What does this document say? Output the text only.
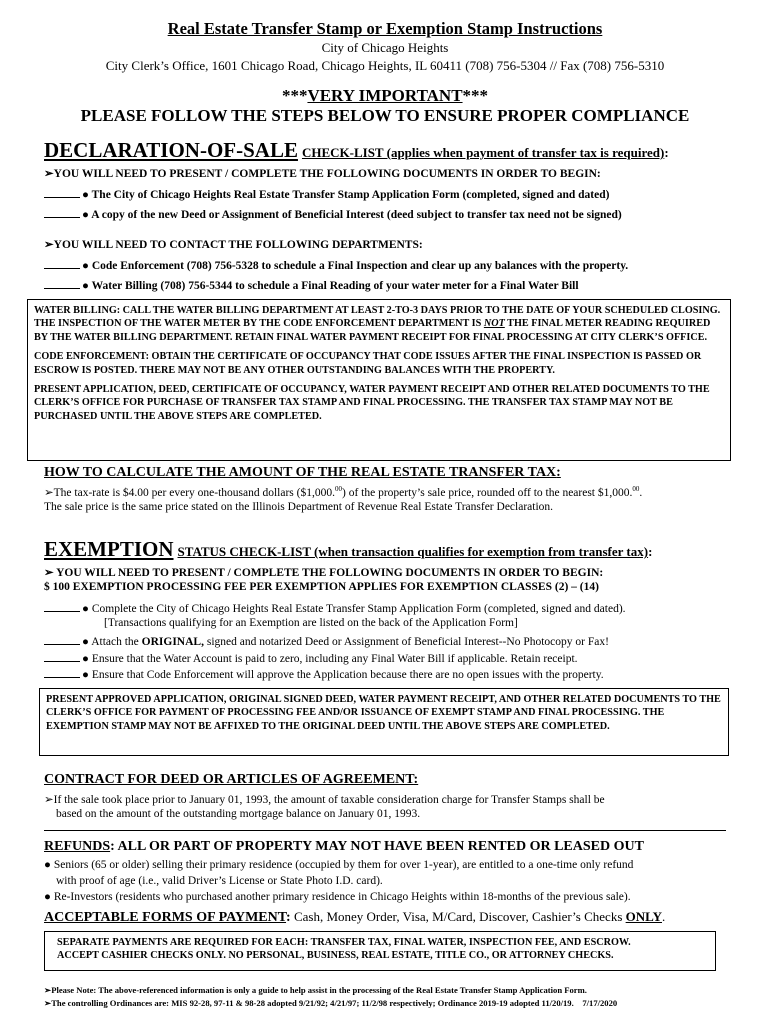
Real Estate Transfer Stamp or Exemption Stamp Instructions
City of Chicago Heights
City Clerk’s Office, 1601 Chicago Road, Chicago Heights, IL 60411 (708) 756-5304 // Fax (708) 756-5310
***VERY IMPORTANT***
PLEASE FOLLOW THE STEPS BELOW TO ENSURE PROPER COMPLIANCE
DECLARATION-OF-SALE CHECK-LIST (applies when payment of transfer tax is required):
➢YOU WILL NEED TO PRESENT / COMPLETE THE FOLLOWING DOCUMENTS IN ORDER TO BEGIN:
● The City of Chicago Heights Real Estate Transfer Stamp Application Form (completed, signed and dated)
● A copy of the new Deed or Assignment of Beneficial Interest (deed subject to transfer tax need not be signed)
➢YOU WILL NEED TO CONTACT THE FOLLOWING DEPARTMENTS:
● Code Enforcement (708) 756-5328 to schedule a Final Inspection and clear up any balances with the property.
● Water Billing (708) 756-5344 to schedule a Final Reading of your water meter for a Final Water Bill

WATER BILLING: CALL THE WATER BILLING DEPARTMENT AT LEAST 2-TO-3 DAYS PRIOR TO THE DATE OF YOUR SCHEDULED CLOSING. THE INSPECTION OF THE WATER METER BY THE CODE ENFORCEMENT DEPARTMENT IS NOT THE FINAL METER READING REQUIRED BY THE WATER BILLING DEPARTMENT. RETAIN FINAL WATER PAYMENT RECEIPT FOR FINAL PROCESSING AT CITY CLERK’S OFFICE.

CODE ENFORCEMENT: OBTAIN THE CERTIFICATE OF OCCUPANCY THAT CODE ISSUES AFTER THE FINAL INSPECTION IS PASSED OR ESCROW IS POSTED. THERE MAY NOT BE ANY OTHER OUTSTANDING BALANCES WITH THE PROPERTY.

PRESENT APPLICATION, DEED, CERTIFICATE OF OCCUPANCY, WATER PAYMENT RECEIPT AND OTHER RELATED DOCUMENTS TO THE CLERK’S OFFICE FOR PURCHASE OF TRANSFER TAX STAMP AND FINAL PROCESSING. THE TRANSFER TAX STAMP MAY NOT BE PURCHASED UNTIL THE ABOVE STEPS ARE COMPLETED.

HOW TO CALCULATE THE AMOUNT OF THE REAL ESTATE TRANSFER TAX:
➢The tax-rate is $4.00 per every one-thousand dollars ($1,000.00) of the property’s sale price, rounded off to the nearest $1,000.00.
The sale price is the same price stated on the Illinois Department of Revenue Real Estate Transfer Declaration.
EXEMPTION STATUS CHECK-LIST (when transaction qualifies for exemption from transfer tax):
➢ YOU WILL NEED TO PRESENT / COMPLETE THE FOLLOWING DOCUMENTS IN ORDER TO BEGIN:
$ 100 EXEMPTION PROCESSING FEE PER EXEMPTION APPLIES FOR EXEMPTION CLASSES (2) – (14)
● Complete the City of Chicago Heights Real Estate Transfer Stamp Application Form (completed, signed and dated).
[Transactions qualifying for an Exemption are listed on the back of the Application Form]
● Attach the ORIGINAL, signed and notarized Deed or Assignment of Beneficial Interest--No Photocopy or Fax!
● Ensure that the Water Account is paid to zero, including any Final Water Bill if applicable. Retain receipt.
● Ensure that Code Enforcement will approve the Application because there are no open issues with the property.

PRESENT APPROVED APPLICATION, ORIGINAL SIGNED DEED, WATER PAYMENT RECEIPT, AND OTHER RELATED DOCUMENTS TO THE CLERK’S OFFICE FOR PAYMENT OF PROCESSING FEE AND/OR ISSUANCE OF EXEMPT STAMP AND FINAL PROCESSING. THE EXEMPTION STAMP MAY NOT BE AFFIXED TO THE ORIGINAL DEED UNTIL THE ABOVE STEPS ARE COMPLETED.

CONTRACT FOR DEED OR ARTICLES OF AGREEMENT:
➢If the sale took place prior to January 01, 1993, the amount of taxable consideration charge for Transfer Stamps shall be
based on the amount of the outstanding mortgage balance on January 01, 1993.
REFUNDS: ALL OR PART OF PROPERTY MAY NOT HAVE BEEN RENTED OR LEASED OUT
● Seniors (65 or older) selling their primary residence (occupied by them for over 1-year), are entitled to a one-time only refund
with proof of age (i.e., valid Driver’s License or State Photo I.D. card).
● Re-Investors (residents who purchased another primary residence in Chicago Heights within 18-months of the previous sale).
ACCEPTABLE FORMS OF PAYMENT: Cash, Money Order, Visa, M/Card, Discover, Cashier’s Checks ONLY.
SEPARATE PAYMENTS ARE REQUIRED FOR EACH: TRANSFER TAX, FINAL WATER, INSPECTION FEE, AND ESCROW.
ACCEPT CASHIER CHECKS ONLY. NO PERSONAL, BUSINESS, REAL ESTATE, TITLE CO., OR ATTORNEY CHECKS.
➢Please Note: The above-referenced information is only a guide to help assist in the processing of the Real Estate Transfer Stamp Application Form.
➢The controlling Ordinances are: MIS 92-28, 97-11 & 98-28 adopted 9/21/92; 4/21/97; 11/2/98 respectively; Ordinance 2019-19 adopted 11/20/19. 7/17/2020
